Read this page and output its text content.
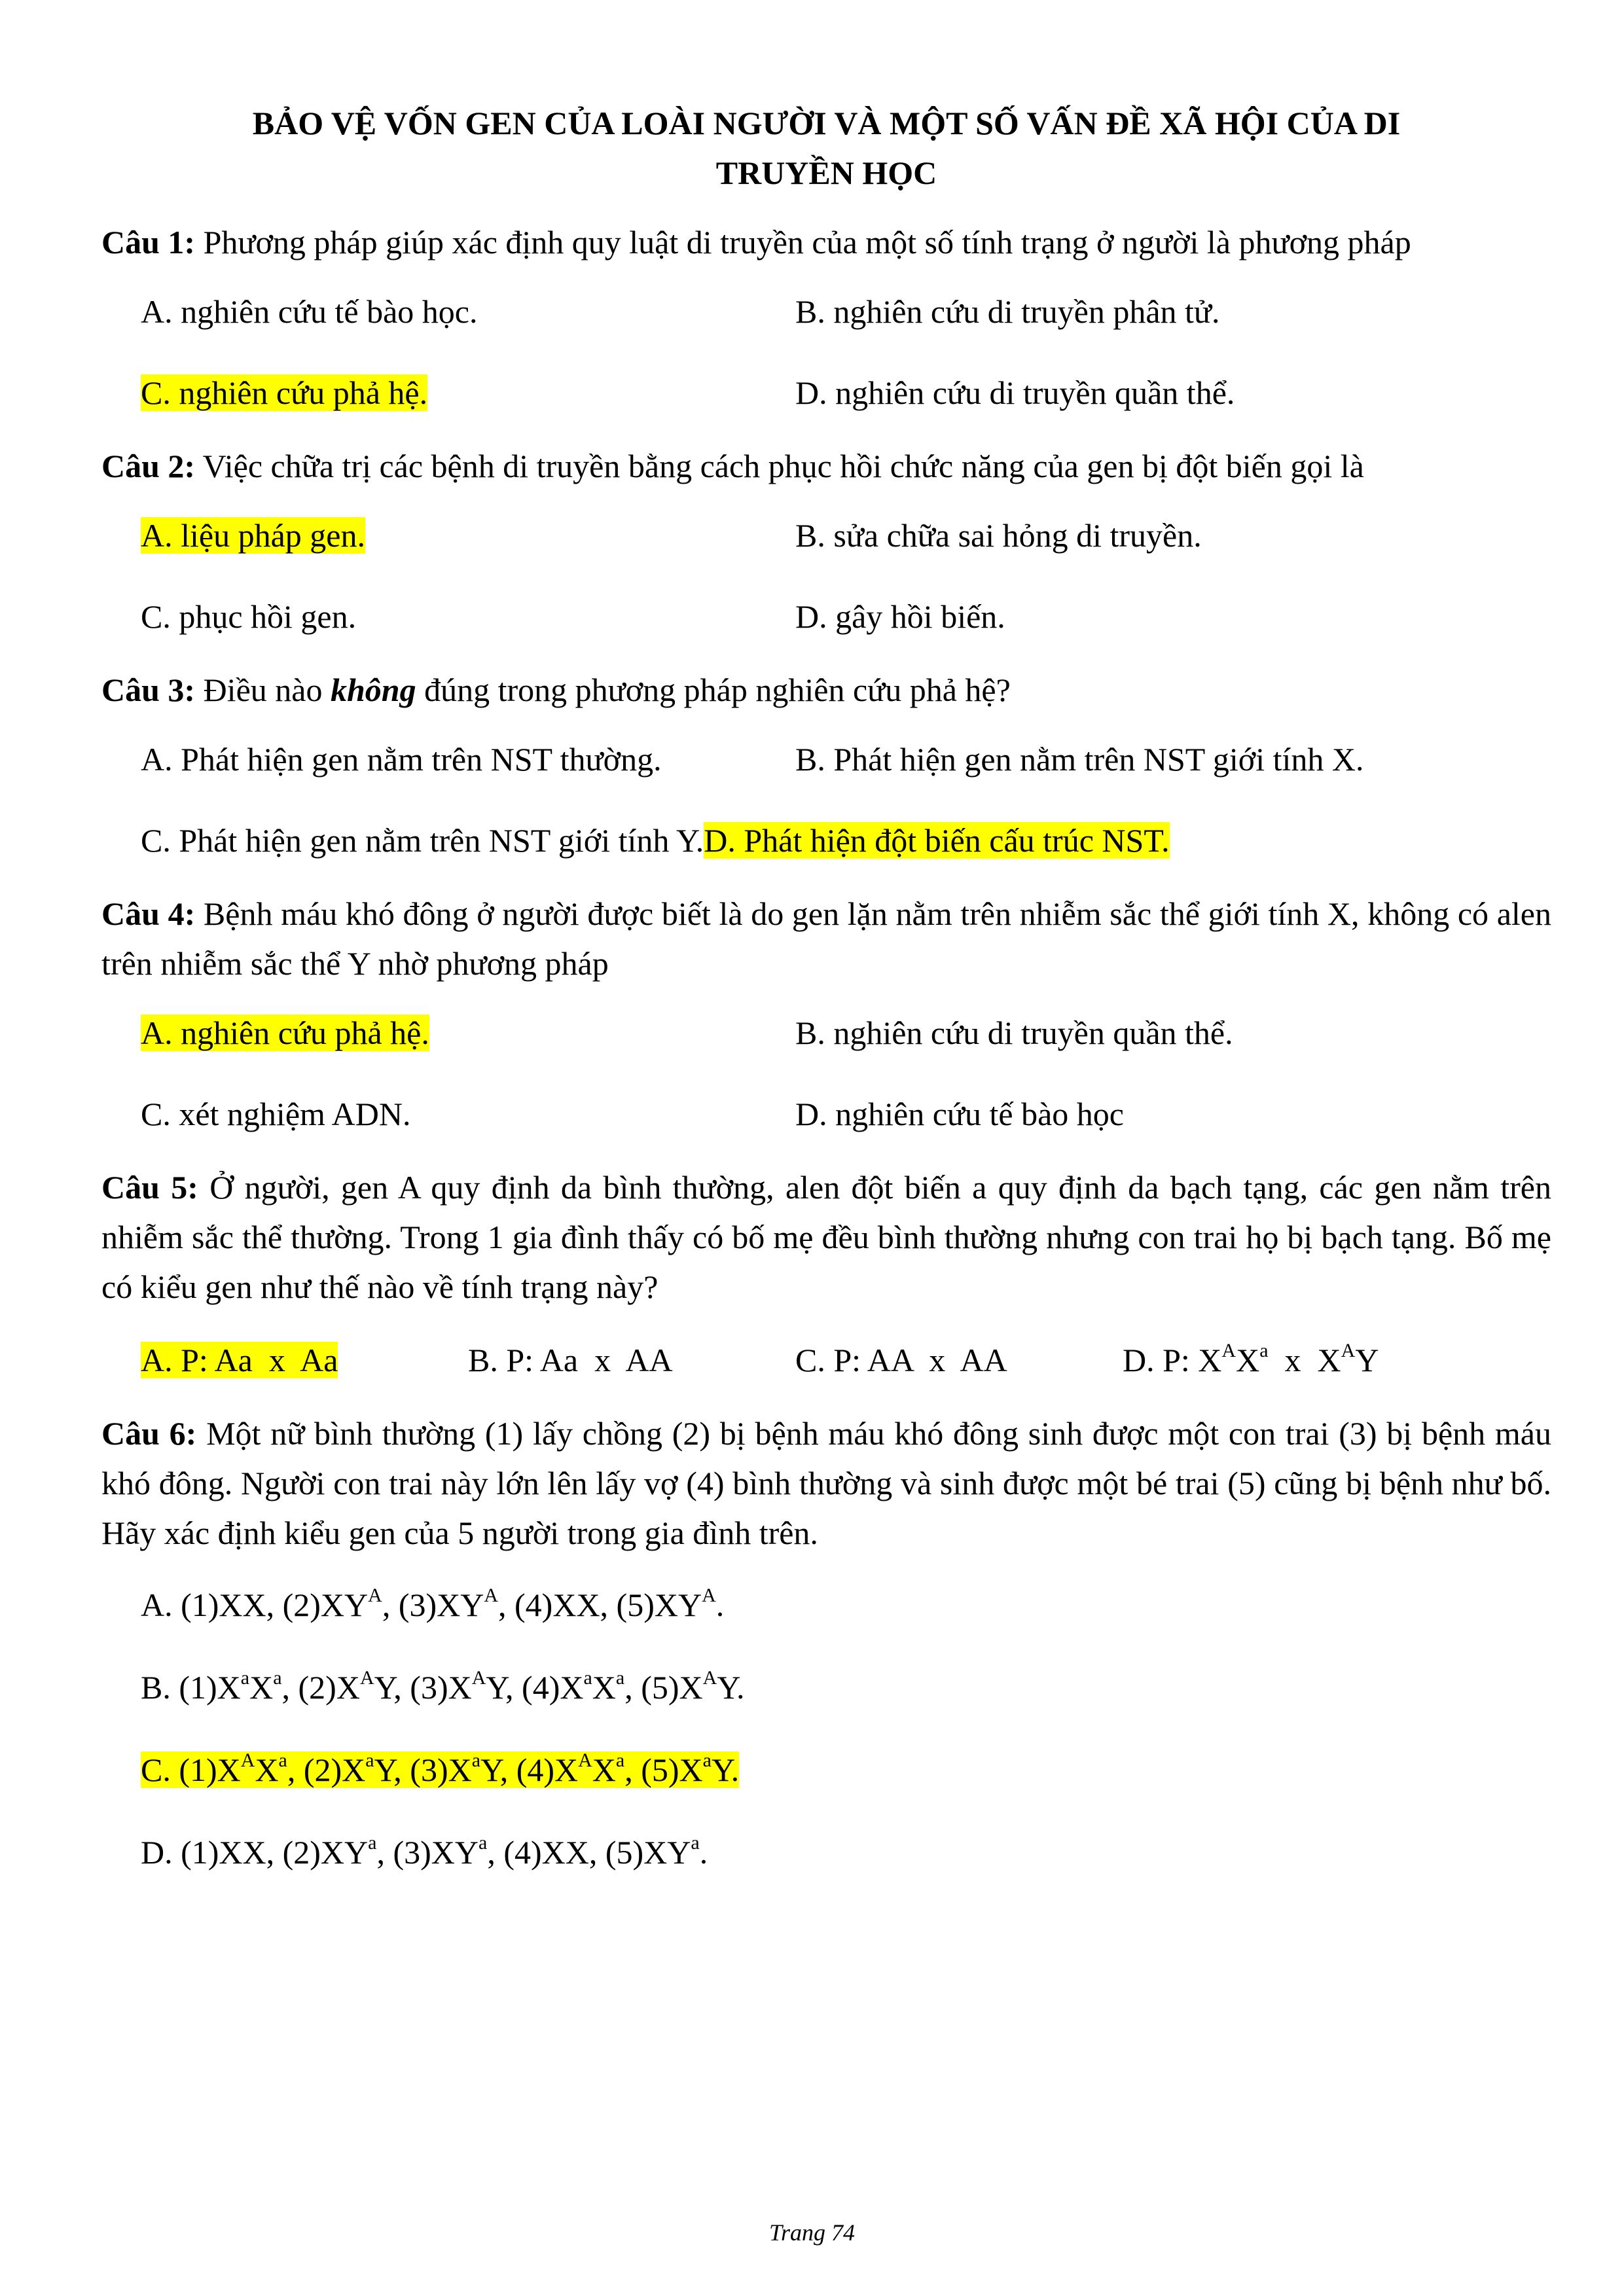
BẢO VỆ VỐN GEN CỦA LOÀI NGƯỜI VÀ MỘT SỐ VẤN ĐỀ XÃ HỘI CỦA DI
TRUYỀN HỌC

Câu 1: Phương pháp giúp xác định quy luật di truyền của một số tính trạng ở người là phương pháp

A. nghiên cứu tế bào học.	B. nghiên cứu di truyền phân tử.
C. nghiên cứu phả hệ.	D. nghiên cứu di truyền quần thể.

Câu 2: Việc chữa trị các bệnh di truyền bằng cách phục hồi chức năng của gen bị đột biến gọi là

A. liệu pháp gen.	B. sửa chữa sai hỏng di truyền.
C. phục hồi gen.	D. gây hồi biến.

Câu 3: Điều nào không đúng trong phương pháp nghiên cứu phả hệ?

A. Phát hiện gen nằm trên NST thường.	B. Phát hiện gen nằm trên NST giới tính X.
C. Phát hiện gen nằm trên NST giới tính Y.D. Phát hiện đột biến cấu trúc NST.

Câu 4: Bệnh máu khó đông ở người được biết là do gen lặn nằm trên nhiễm sắc thể giới tính X, không có alen trên nhiễm sắc thể Y nhờ phương pháp

A. nghiên cứu phả hệ.	B. nghiên cứu di truyền quần thể.
C. xét nghiệm ADN.	D. nghiên cứu tế bào học

Câu 5: Ở người, gen A quy định da bình thường, alen đột biến a quy định da bạch tạng, các gen nằm trên nhiễm sắc thể thường. Trong 1 gia đình thấy có bố mẹ đều bình thường nhưng con trai họ bị bạch tạng. Bố mẹ có kiểu gen như thế nào về tính trạng này?

A. P: Aa  x  Aa	B. P: Aa  x  AA	C. P: AA  x  AA	D. P: $X^AX^a$  x  $X^AY$

Câu 6: Một nữ bình thường (1) lấy chồng (2) bị bệnh máu khó đông sinh được một con trai (3) bị bệnh máu khó đông. Người con trai này lớn lên lấy vợ (4) bình thường và sinh được một bé trai (5) cũng bị bệnh như bố. Hãy xác định kiểu gen của 5 người trong gia đình trên.

A. (1)XX, $(2)XY^A$, $(3)XY^A$, (4)XX, $(5)XY^A$.
B. $(1)X^aX^a$, $(2)X^AY$, $(3)X^AY$, $(4)X^aX^a$, $(5)X^AY$.
C. $(1)X^AX^a$, $(2)X^aY$, $(3)X^aY$, $(4)X^AX^a$, $(5)X^aY$.
D. (1)XX, $(2)XY^a$, $(3)XY^a$, (4)XX, $(5)XY^a$.
Trang 74
